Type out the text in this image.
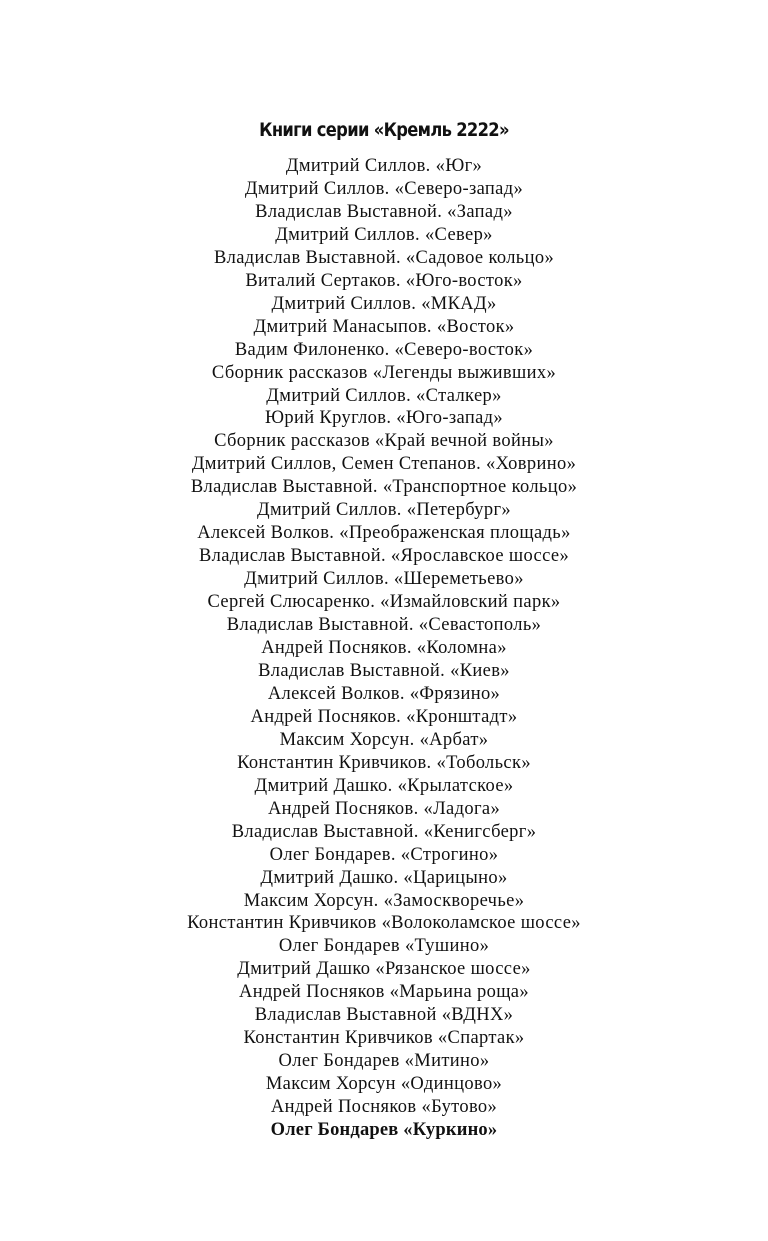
Книги серии «Кремль 2222»
Дмитрий Силлов. «Юг»
Дмитрий Силлов. «Северо-запад»
Владислав Выставной. «Запад»
Дмитрий Силлов. «Север»
Владислав Выставной. «Садовое кольцо»
Виталий Сертаков. «Юго-восток»
Дмитрий Силлов. «МКАД»
Дмитрий Манасыпов. «Восток»
Вадим Филоненко. «Северо-восток»
Сборник рассказов «Легенды выживших»
Дмитрий Силлов. «Сталкер»
Юрий Круглов. «Юго-запад»
Сборник рассказов «Край вечной войны»
Дмитрий Силлов, Семен Степанов. «Ховрино»
Владислав Выставной. «Транспортное кольцо»
Дмитрий Силлов. «Петербург»
Алексей Волков. «Преображенская площадь»
Владислав Выставной. «Ярославское шоссе»
Дмитрий Силлов. «Шереметьево»
Сергей Слюсаренко. «Измайловский парк»
Владислав Выставной. «Севастополь»
Андрей Посняков. «Коломна»
Владислав Выставной. «Киев»
Алексей Волков. «Фрязино»
Андрей Посняков. «Кронштадт»
Максим Хорсун. «Арбат»
Константин Кривчиков. «Тобольск»
Дмитрий Дашко. «Крылатское»
Андрей Посняков. «Ладога»
Владислав Выставной. «Кенигсберг»
Олег Бондарев. «Строгино»
Дмитрий Дашко. «Царицыно»
Максим Хорсун. «Замоскворечье»
Константин Кривчиков «Волоколамское шоссе»
Олег Бондарев «Тушино»
Дмитрий Дашко «Рязанское шоссе»
Андрей Посняков «Марьина роща»
Владислав Выставной «ВДНХ»
Константин Кривчиков «Спартак»
Олег Бондарев «Митино»
Максим Хорсун «Одинцово»
Андрей Посняков «Бутово»
Олег Бондарев «Куркино»
